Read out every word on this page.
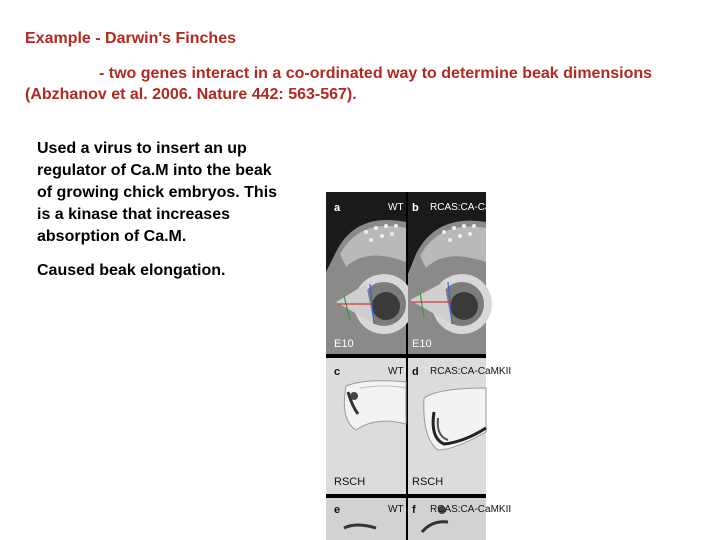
Example - Darwin's Finches
- two genes interact in a co-ordinated way to determine beak dimensions (Abzhanov et al. 2006. Nature 442: 563-567).

Used a virus to insert an up regulator of Ca.M into the beak of growing chick embryos. This is a kinase that increases absorption of Ca.M.

Caused beak elongation.

a	WT
E10
b RCAS:CA-CaMKII
E10
c	WT
RSCH
d RCAS:CA-CaMKII
RSCH
e	WT f RCAS:CA-CaMKII
